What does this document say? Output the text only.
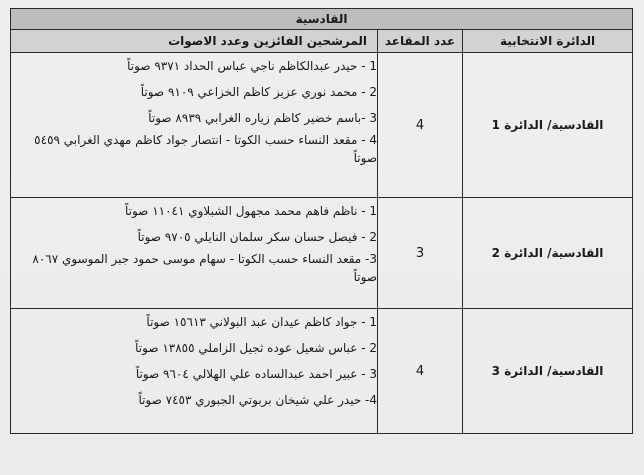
القادسية		
الدائرة الانتخابية	عدد المقاعد	المرشحين الفائزين وعدد الاصوات
القادسية/ الدائرة 1	4	1 - حيدر عبدالكاظم ناجي عباس الحداد ٩٣٧١ صوتاً
2 - محمد نوري عزيز كاظم الخزاعي ٩١٠٩ صوتاً
3 -باسم خضير كاظم زياره الغرابي ٨٩٣٩ صوتاً
4 - مقعد النساء حسب الكوتا - انتصار جواد كاظم مهدي الغرابي ٥٤٥٩ صوتاً

القادسية/ الدائرة 2	3	1 - ناظم فاهم محمد مجهول الشبلاوي ١١٠٤١ صوتاً
2 - فيصل حسان سكر سلمان النايلي ٩٧٠٥ صوتاً
3- مقعد النساء حسب الكوتا - سهام موسى حمود جبر الموسوي ٨٠٦٧ صوتاً

القادسية/ الدائرة 3	4	1 - جواد كاظم عيدان عبد البولاني ١٥٦١٣ صوتاً
2 - عباس شعيل عوده ثجيل الزاملي ١٣٨٥٥ صوتاً
3 - عبير احمد عبدالساده علي الهلالي ٩٦٠٤ صوتاً
4- حيدر علي شيخان بربوتي الجبوري ٧٤٥٣ صوتاً
